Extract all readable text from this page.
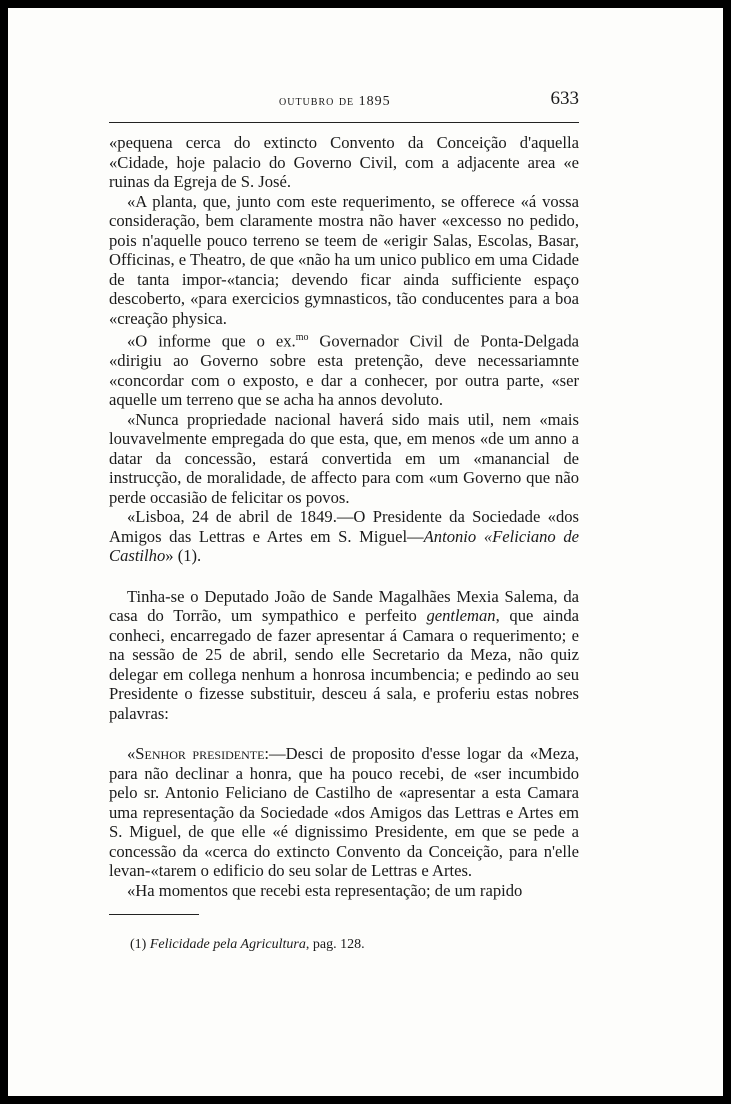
outubro de 1895	633

«pequena cerca do extincto Convento da Conceição d'aquella «Cidade, hoje palacio do Governo Civil, com a adjacente area «e ruinas da Egreja de S. José.

«A planta, que, junto com este requerimento, se offerece «á vossa consideração, bem claramente mostra não haver «excesso no pedido, pois n'aquelle pouco terreno se teem de «erigir Salas, Escolas, Basar, Officinas, e Theatro, de que «não ha um unico publico em uma Cidade de tanta impor-«tancia; devendo ficar ainda sufficiente espaço descoberto, «para exercicios gymnasticos, tão conducentes para a boa «creação physica.

«O informe que o ex.$^{mo}$ Governador Civil de Ponta-Delgada «dirigiu ao Governo sobre esta pretenção, deve necessariamnte «concordar com o exposto, e dar a conhecer, por outra parte, «ser aquelle um terreno que se acha ha annos devoluto.

«Nunca propriedade nacional haverá sido mais util, nem «mais louvavelmente empregada do que esta, que, em menos «de um anno a datar da concessão, estará convertida em um «manancial de instrucção, de moralidade, de affecto para com «um Governo que não perde occasião de felicitar os povos.

«Lisboa, 24 de abril de 1849.—O Presidente da Sociedade «dos Amigos das Lettras e Artes em S. Miguel—Antonio «Feliciano de Castilho» (1).

Tinha-se o Deputado João de Sande Magalhães Mexia Salema, da casa do Torrão, um sympathico e perfeito gentleman, que ainda conheci, encarregado de fazer apresentar á Camara o requerimento; e na sessão de 25 de abril, sendo elle Secretario da Meza, não quiz delegar em collega nenhum a honrosa incumbencia; e pedindo ao seu Presidente o fizesse substituir, desceu á sala, e proferiu estas nobres palavras:

«Senhor presidente:—Desci de proposito d'esse logar da «Meza, para não declinar a honra, que ha pouco recebi, de «ser incumbido pelo sr. Antonio Feliciano de Castilho de «apresentar a esta Camara uma representação da Sociedade «dos Amigos das Lettras e Artes em S. Miguel, de que elle «é dignissimo Presidente, em que se pede a concessão da «cerca do extincto Convento da Conceição, para n'elle levan-«tarem o edificio do seu solar de Lettras e Artes.

«Ha momentos que recebi esta representação; de um rapido

(1) Felicidade pela Agricultura, pag. 128.
